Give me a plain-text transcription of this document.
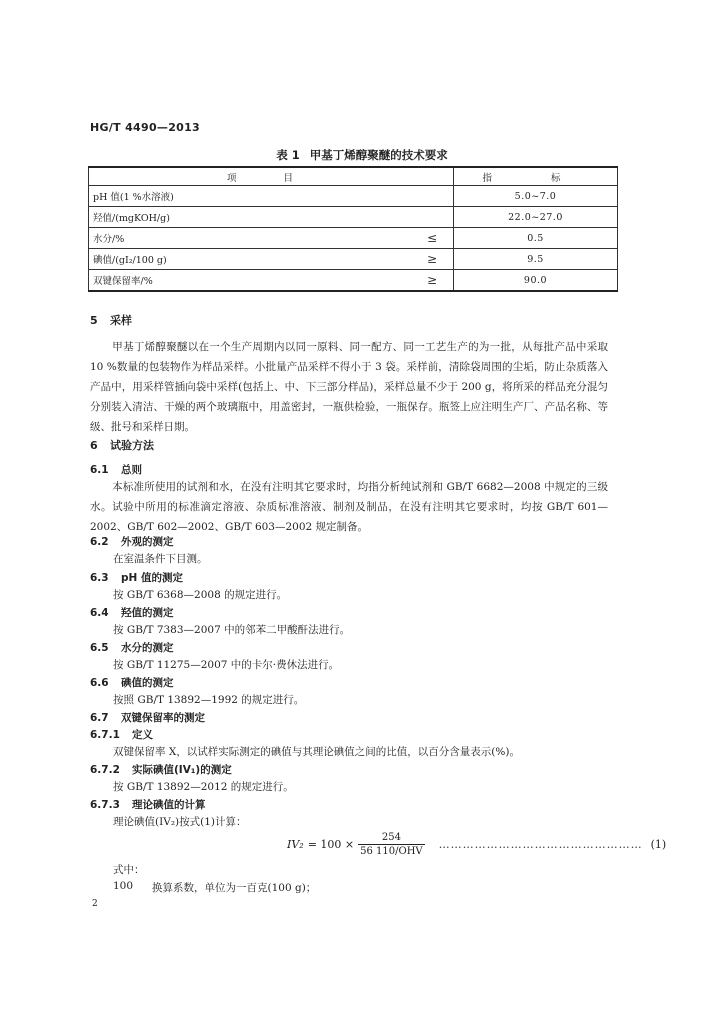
HG/T 4490—2013
表 1 甲基丁烯醇聚醚的技术要求
项 目		指 标
pH 值(1 %水溶液)		5.0~7.0
羟值/(mgKOH/g)		22.0~27.0
水分/%	≤	0.5
碘值/(gI₂/100 g)	≥	9.5
双键保留率/%	≥	90.0
5 采样
甲基丁烯醇聚醚以在一个生产周期内以同一原料、同一配方、同一工艺生产的为一批，从每批产品中采取 10 %数量的包装物作为样品采样。小批量产品采样不得小于 3 袋。采样前，清除袋周围的尘垢，防止杂质落入产品中，用采样管插向袋中采样(包括上、中、下三部分样品)，采样总量不少于 200 g，将所采的样品充分混匀分别装入清洁、干燥的两个玻璃瓶中，用盖密封，一瓶供检验，一瓶保存。瓶签上应注明生产厂、产品名称、等级、批号和采样日期。
6 试验方法
6.1 总则
本标准所使用的试剂和水，在没有注明其它要求时，均指分析纯试剂和 GB/T 6682—2008 中规定的三级水。试验中所用的标准滴定溶液、杂质标准溶液、制剂及制品，在没有注明其它要求时，均按 GB/T 601—2002、GB/T 602—2002、GB/T 603—2002 规定制备。
6.2 外观的测定
在室温条件下目测。
6.3 pH 值的测定
按 GB/T 6368—2008 的规定进行。
6.4 羟值的测定
按 GB/T 7383—2007 中的邻苯二甲酸酐法进行。
6.5 水分的测定
按 GB/T 11275—2007 中的卡尔·费休法进行。
6.6 碘值的测定
按照 GB/T 13892—1992 的规定进行。
6.7 双键保留率的测定
6.7.1 定义
双键保留率 X，以试样实际测定的碘值与其理论碘值之间的比值，以百分含量表示(%)。
6.7.2 实际碘值(IV₁)的测定
按 GB/T 13892—2012 的规定进行。
6.7.3 理论碘值的计算
理论碘值(IV₂)按式(1)计算：
$IV_2 = 100 \times \frac{254}{\text{56 110/OHV}}$ …………………………………………… (1)
式中：
100 换算系数，单位为一百克(100 g)；
2
